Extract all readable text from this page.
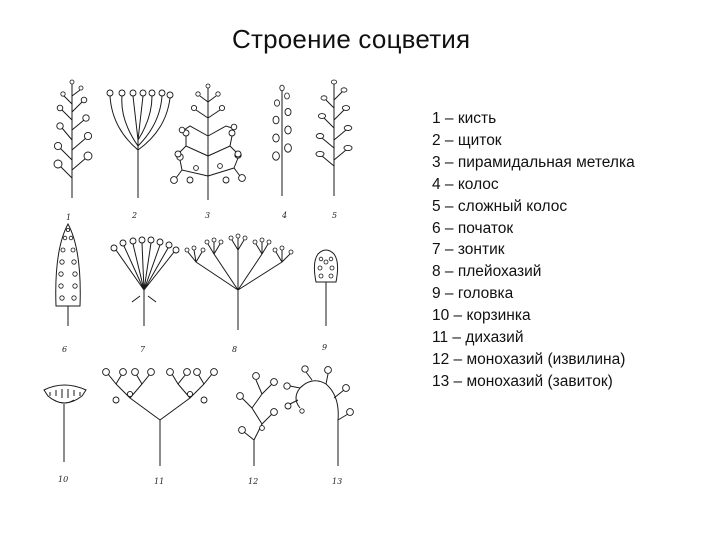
Строение соцветия
1	2	3	4	5
6	7	8	9
10	11	12	13
1 – кисть
2 – щиток
3 – пирамидальная метелка
4 – колос
5 – сложный колос
6 – початок
7 – зонтик
8 – плейохазий
9 – головка
10 – корзинка
11 – дихазий
12 – монохазий (извилина)
13 – монохазий (завиток)
